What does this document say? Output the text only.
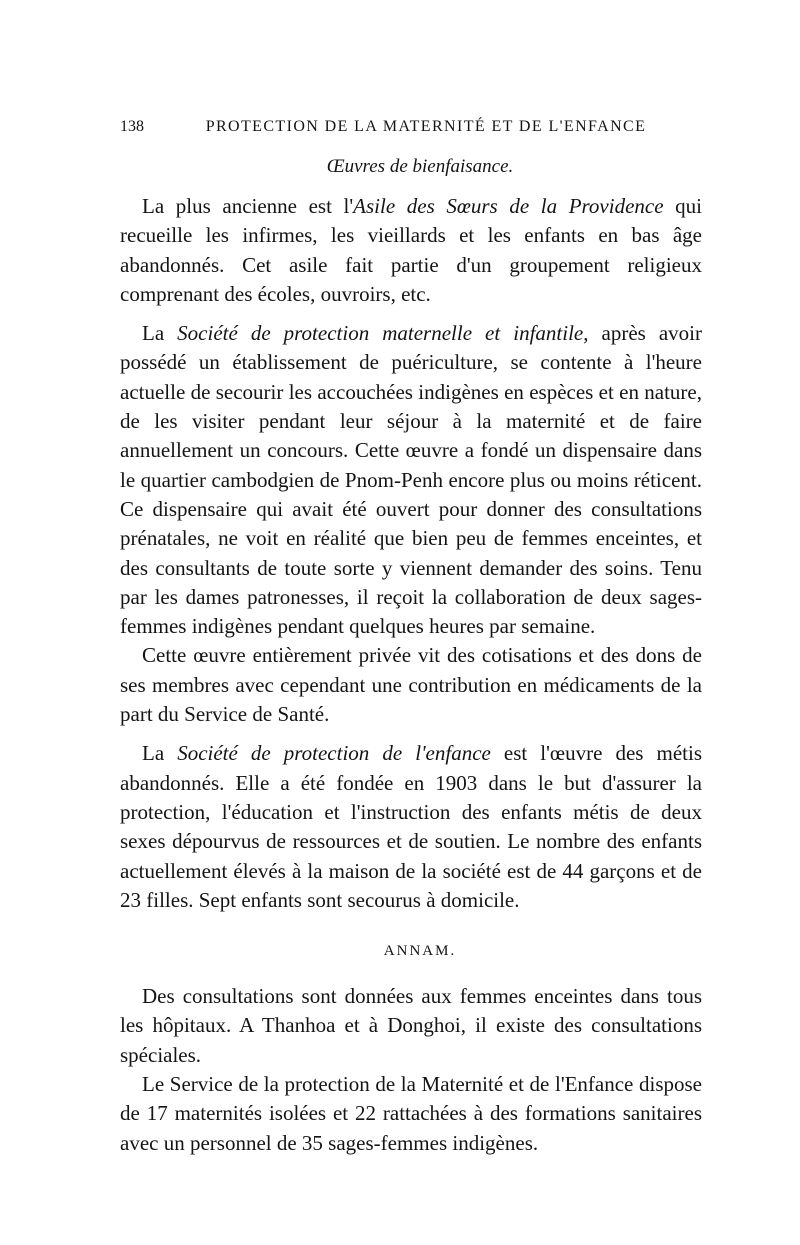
138	PROTECTION DE LA MATERNITÉ ET DE L'ENFANCE
Œuvres de bienfaisance.

La plus ancienne est l'Asile des Sœurs de la Providence qui recueille les infirmes, les vieillards et les enfants en bas âge abandonnés. Cet asile fait partie d'un groupement religieux comprenant des écoles, ouvroirs, etc.

La Société de protection maternelle et infantile, après avoir possédé un établissement de puériculture, se contente à l'heure actuelle de secourir les accouchées indigènes en espèces et en nature, de les visiter pendant leur séjour à la maternité et de faire annuellement un concours. Cette œuvre a fondé un dispensaire dans le quartier cambodgien de Pnom-Penh encore plus ou moins réticent. Ce dispensaire qui avait été ouvert pour donner des consultations prénatales, ne voit en réalité que bien peu de femmes enceintes, et des consultants de toute sorte y viennent demander des soins. Tenu par les dames patronesses, il reçoit la collaboration de deux sages-femmes indigènes pendant quelques heures par semaine.

Cette œuvre entièrement privée vit des cotisations et des dons de ses membres avec cependant une contribution en médicaments de la part du Service de Santé.

La Société de protection de l'enfance est l'œuvre des métis abandonnés. Elle a été fondée en 1903 dans le but d'assurer la protection, l'éducation et l'instruction des enfants métis de deux sexes dépourvus de ressources et de soutien. Le nombre des enfants actuellement élevés à la maison de la société est de 44 garçons et de 23 filles. Sept enfants sont secourus à domicile.

ANNAM.

Des consultations sont données aux femmes enceintes dans tous les hôpitaux. A Thanhoa et à Donghoi, il existe des consultations spéciales.

Le Service de la protection de la Maternité et de l'Enfance dispose de 17 maternités isolées et 22 rattachées à des formations sanitaires avec un personnel de 35 sages-femmes indigènes.
